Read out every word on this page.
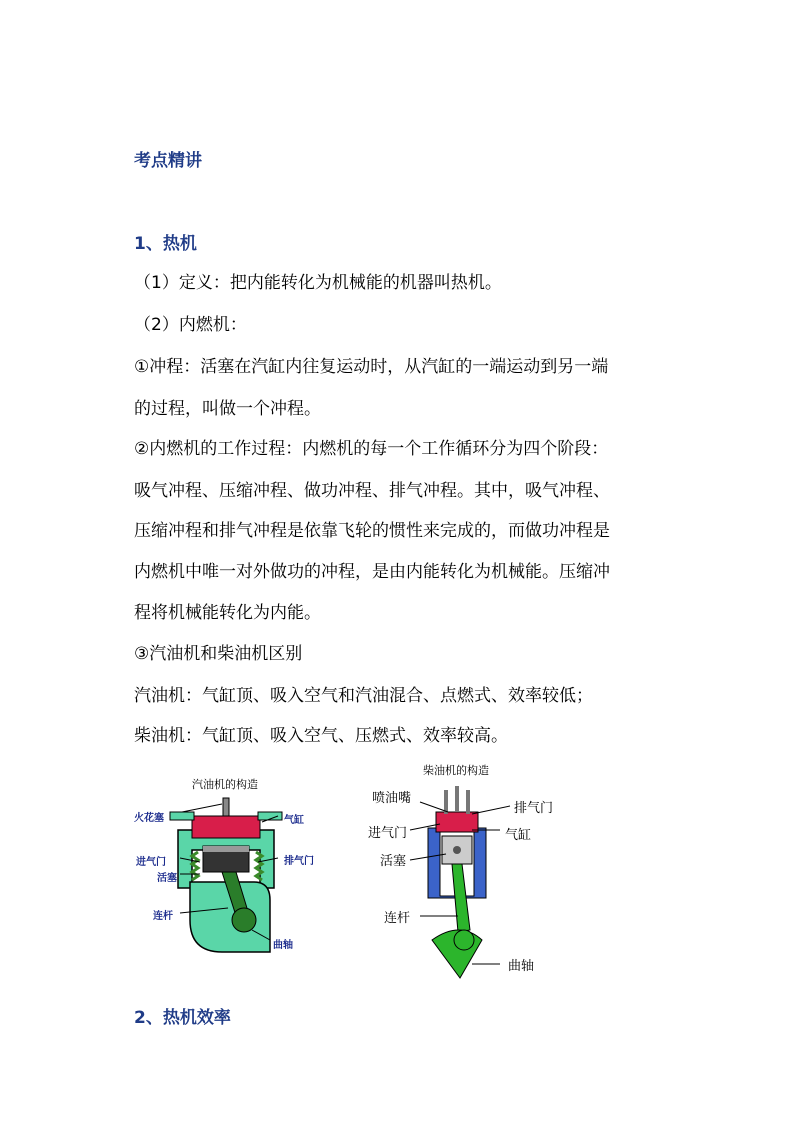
考点精讲
1、热机
（1）定义：把内能转化为机械能的机器叫热机。
（2）内燃机：
①冲程：活塞在汽缸内往复运动时，从汽缸的一端运动到另一端
的过程，叫做一个冲程。
②内燃机的工作过程：内燃机的每一个工作循环分为四个阶段：
吸气冲程、压缩冲程、做功冲程、排气冲程。其中，吸气冲程、
压缩冲程和排气冲程是依靠飞轮的惯性来完成的，而做功冲程是
内燃机中唯一对外做功的冲程，是由内能转化为机械能。压缩冲
程将机械能转化为内能。
③汽油机和柴油机区别
汽油机：气缸顶、吸入空气和汽油混合、点燃式、效率较低；
柴油机：气缸顶、吸入空气、压燃式、效率较高。
汽油机的构造
火花塞	气缸
进气门	排气门
活塞
连杆
曲轴
柴油机的构造
喷油嘴
排气门
进气门	气缸
活塞
连杆
曲轴
2、热机效率
